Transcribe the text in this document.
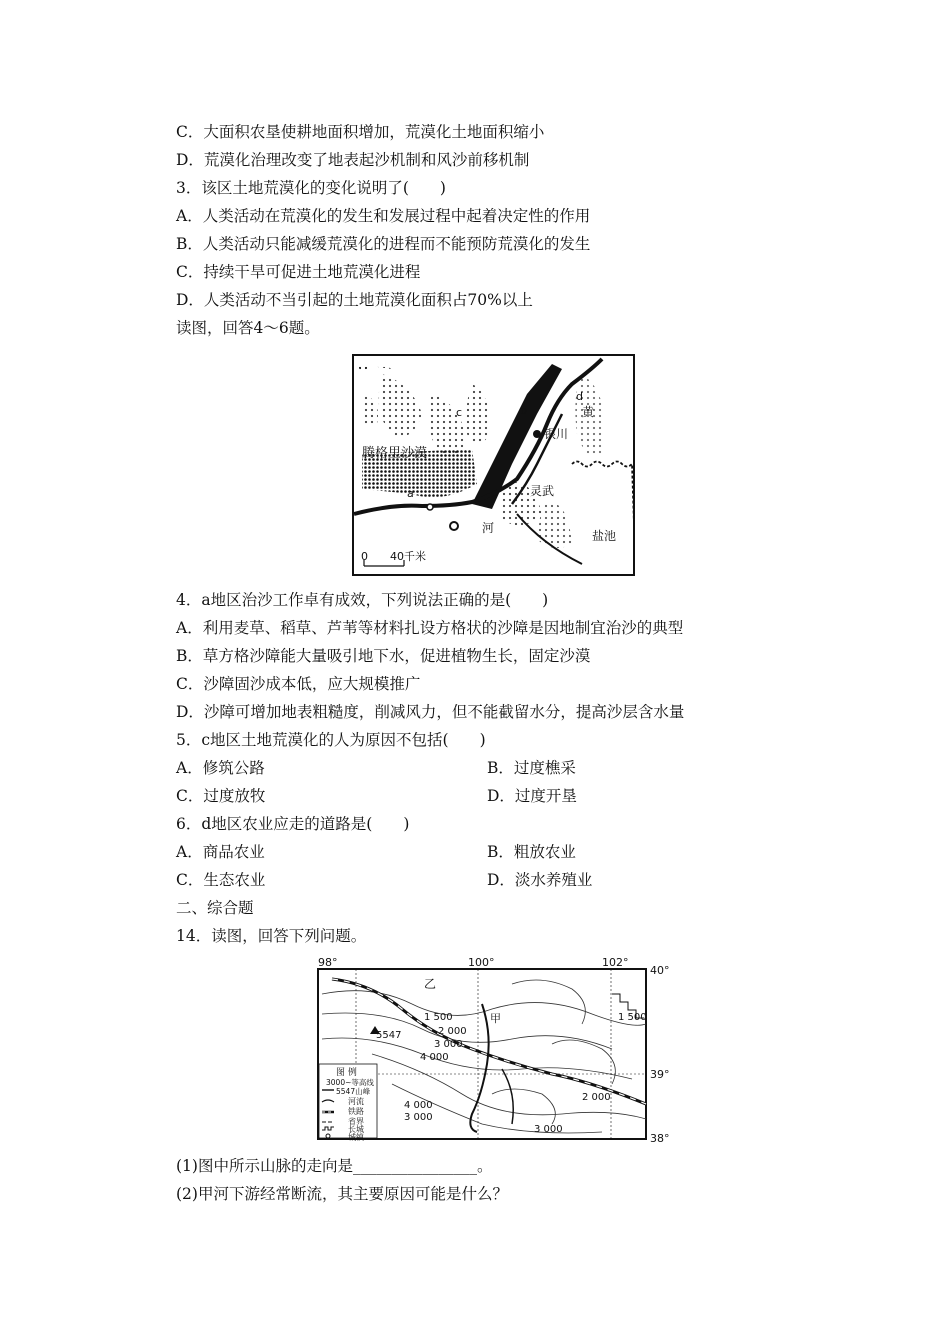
C．大面积农垦使耕地面积增加，荒漠化土地面积缩小
D．荒漠化治理改变了地表起沙机制和风沙前移机制
3．该区土地荒漠化的变化说明了(　　)
A．人类活动在荒漠化的发生和发展过程中起着决定性的作用
B．人类活动只能减缓荒漠化的进程而不能预防荒漠化的发生
C．持续干旱可促进土地荒漠化进程
D．人类活动不当引起的土地荒漠化面积占70%以上
读图，回答4～6题。
腾格里沙漠
银川
灵武
盐池
河
黄
a
b
c
d
0 40千米
4．a地区治沙工作卓有成效，下列说法正确的是(　　)
A．利用麦草、稻草、芦苇等材料扎设方格状的沙障是因地制宜治沙的典型
B．草方格沙障能大量吸引地下水，促进植物生长，固定沙漠
C．沙障固沙成本低，应大规模推广
D．沙障可增加地表粗糙度，削减风力，但不能截留水分，提高沙层含水量
5．c地区土地荒漠化的人为原因不包括(　　)
A．修筑公路	B．过度樵采
C．过度放牧	D．过度开垦
6．d地区农业应走的道路是(　　)
A．商品农业	B．粗放农业
C．生态农业	D．淡水养殖业
二、综合题
14．读图，回答下列问题。
98°	100°	102°
40°
39°
38°
乙
甲
5547
1 500
2 000
3 000
4 000
1 500
2 000
4 000
3 000
3 000
图 例
3000~等高线
5547山峰
河流
铁路
省界
长城
城镇
(1)图中所示山脉的走向是________________。
(2)甲河下游经常断流，其主要原因可能是什么？
